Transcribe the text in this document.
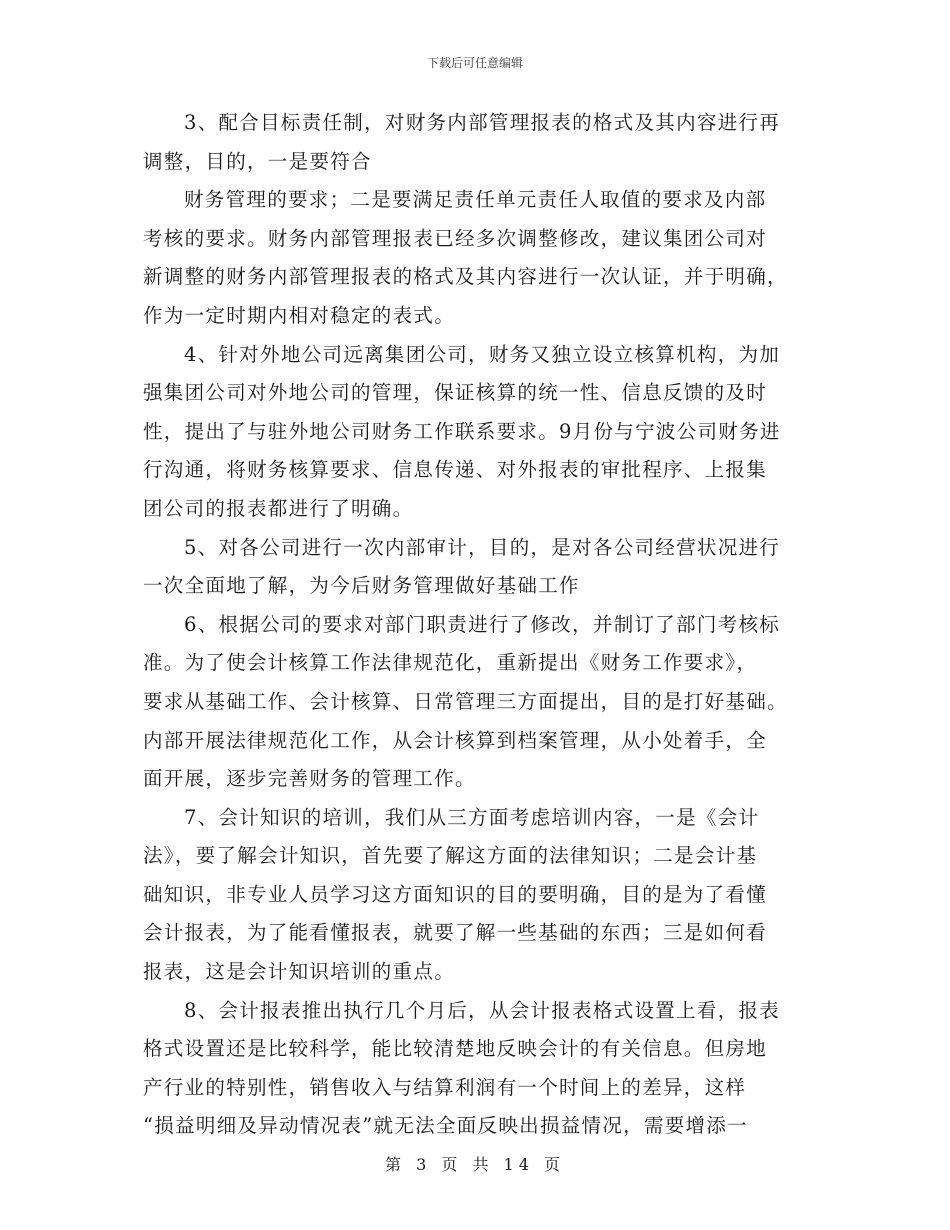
下载后可任意编辑
3、配合目标责任制，对财务内部管理报表的格式及其内容进行再
调整，目的，一是要符合
财务管理的要求；二是要满足责任单元责任人取值的要求及内部
考核的要求。财务内部管理报表已经多次调整修改，建议集团公司对
新调整的财务内部管理报表的格式及其内容进行一次认证，并于明确，
作为一定时期内相对稳定的表式。
4、针对外地公司远离集团公司，财务又独立设立核算机构，为加
强集团公司对外地公司的管理，保证核算的统一性、信息反馈的及时
性，提出了与驻外地公司财务工作联系要求。9月份与宁波公司财务进
行沟通，将财务核算要求、信息传递、对外报表的审批程序、上报集
团公司的报表都进行了明确。
5、对各公司进行一次内部审计，目的，是对各公司经营状况进行
一次全面地了解，为今后财务管理做好基础工作
6、根据公司的要求对部门职责进行了修改，并制订了部门考核标
准。为了使会计核算工作法律规范化，重新提出《财务工作要求》，
要求从基础工作、会计核算、日常管理三方面提出，目的是打好基础。
内部开展法律规范化工作，从会计核算到档案管理，从小处着手，全
面开展，逐步完善财务的管理工作。
7、会计知识的培训，我们从三方面考虑培训内容，一是《会计
法》，要了解会计知识，首先要了解这方面的法律知识；二是会计基
础知识，非专业人员学习这方面知识的目的要明确，目的是为了看懂
会计报表，为了能看懂报表，就要了解一些基础的东西；三是如何看
报表，这是会计知识培训的重点。
8、会计报表推出执行几个月后，从会计报表格式设置上看，报表
格式设置还是比较科学，能比较清楚地反映会计的有关信息。但房地
产行业的特别性，销售收入与结算利润有一个时间上的差异，这样
“损益明细及异动情况表”就无法全面反映出损益情况，需要增添一
第 3 页 共 14 页
